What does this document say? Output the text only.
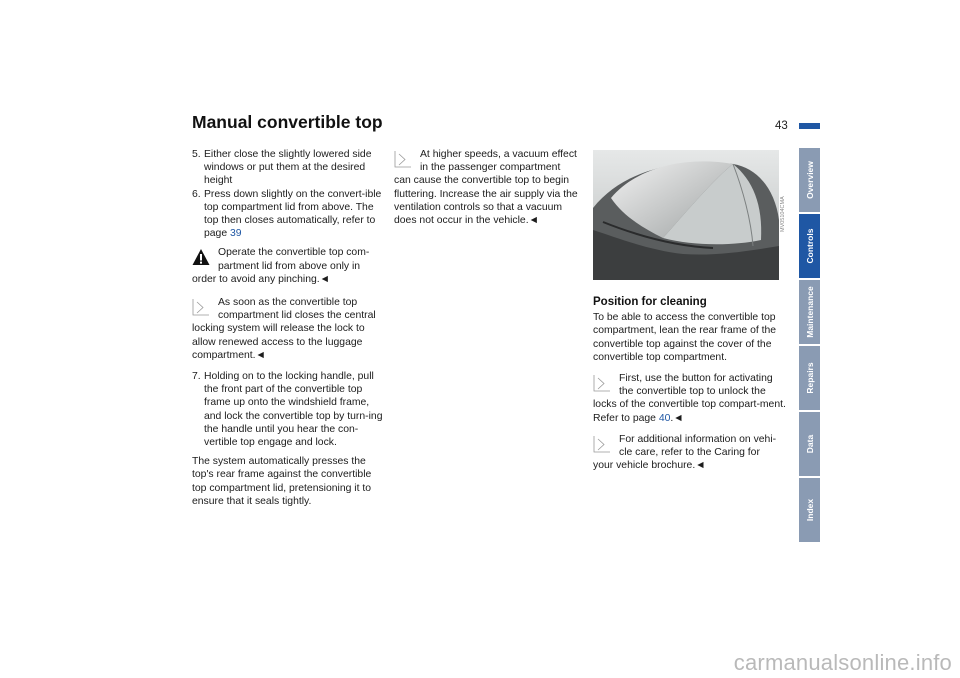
Manual convertible top	43
5. Either close the slightly lowered side windows or put them at the desired height
6. Press down slightly on the convert-ible top compartment lid from above. The top then closes automatically, refer to page 39
Operate the convertible top com-partment lid from above only in

order to avoid any pinching.◄

As soon as the convertible top compartment lid closes the central

locking system will release the lock to allow renewed access to the luggage compartment.◄

7. Holding on to the locking handle, pull the front part of the convertible top frame up onto the windshield frame, and lock the convertible top by turn-ing the handle until you hear the con-vertible top engage and lock.

The system automatically presses the top's rear frame against the convertible top compartment lid, pretensioning it to ensure that it seals tightly.

At higher speeds, a vacuum effect in the passenger compartment

can cause the convertible top to begin fluttering. Increase the air supply via the ventilation controls so that a vacuum does not occur in the vehicle.◄	MV05104CMA

Position for cleaning

To be able to access the convertible top compartment, lean the rear frame of the convertible top against the cover of the convertible top compartment.

First, use the button for activating the convertible top to unlock the

locks of the convertible top compart-ment. Refer to page 40.◄

For additional information on vehi-cle care, refer to the Caring for

your vehicle brochure.◄

Overview
Controls
Maintenance
Repairs
Data
Index
carmanualsonline.info
